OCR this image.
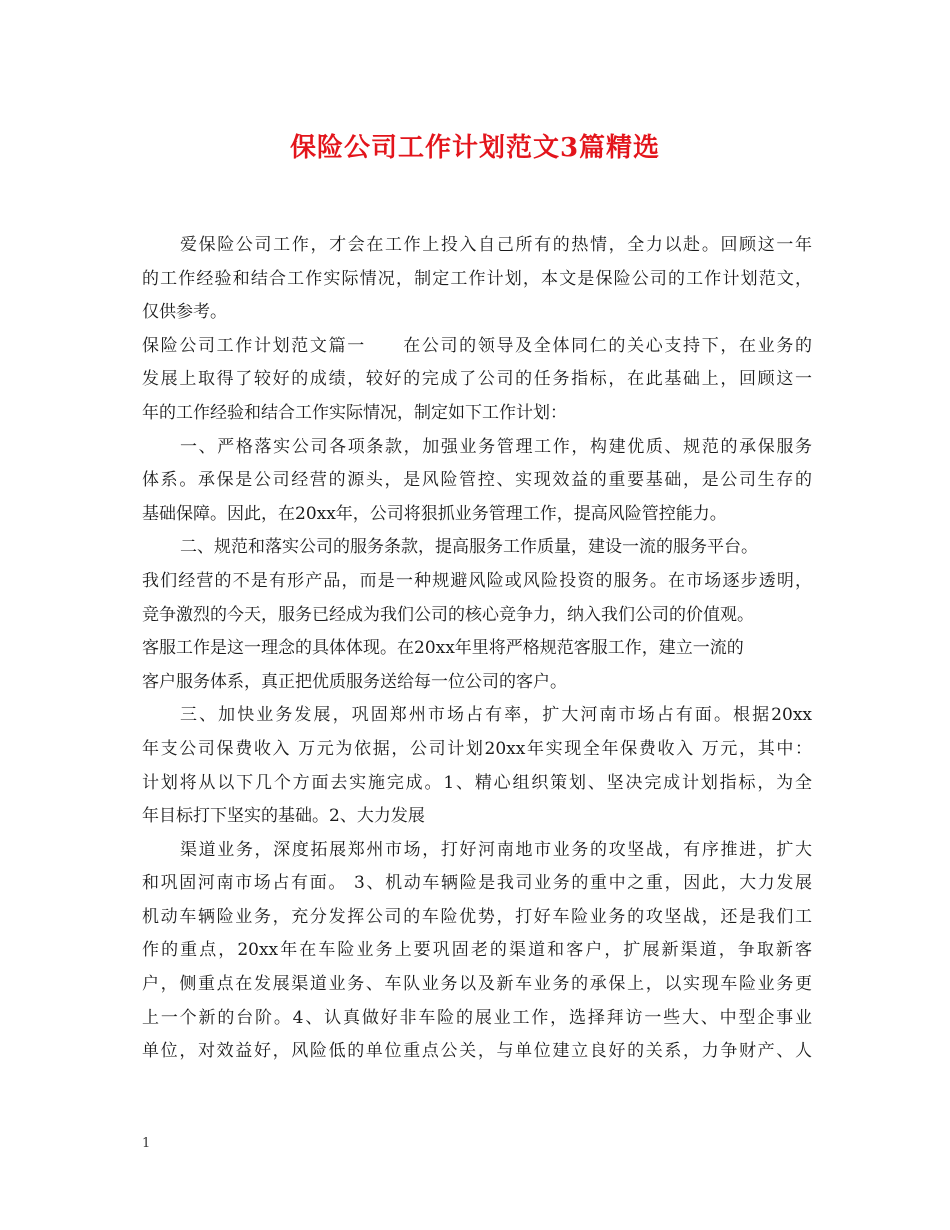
保险公司工作计划范文3篇精选
爱保险公司工作，才会在工作上投入自己所有的热情，全力以赴。回顾这一年
的工作经验和结合工作实际情况，制定工作计划，本文是保险公司的工作计划范文，
仅供参考。
保险公司工作计划范文篇一　　在公司的领导及全体同仁的关心支持下，在业务的
发展上取得了较好的成绩，较好的完成了公司的任务指标，在此基础上，回顾这一
年的工作经验和结合工作实际情况，制定如下工作计划：
一、严格落实公司各项条款，加强业务管理工作，构建优质、规范的承保服务
体系。承保是公司经营的源头，是风险管控、实现效益的重要基础，是公司生存的
基础保障。因此，在20xx年，公司将狠抓业务管理工作，提高风险管控能力。
二、规范和落实公司的服务条款，提高服务工作质量，建设一流的服务平台。
我们经营的不是有形产品，而是一种规避风险或风险投资的服务。在市场逐步透明，
竞争激烈的今天，服务已经成为我们公司的核心竞争力，纳入我们公司的价值观。
客服工作是这一理念的具体体现。在20xx年里将严格规范客服工作，建立一流的
客户服务体系，真正把优质服务送给每一位公司的客户。
三、加快业务发展，巩固郑州市场占有率，扩大河南市场占有面。根据20xx
年支公司保费收入 万元为依据，公司计划20xx年实现全年保费收入 万元，其中：
计划将从以下几个方面去实施完成。1、精心组织策划、坚决完成计划指标，为全
年目标打下坚实的基础。2、大力发展
渠道业务，深度拓展郑州市场，打好河南地市业务的攻坚战，有序推进，扩大
和巩固河南市场占有面。 3、机动车辆险是我司业务的重中之重，因此，大力发展
机动车辆险业务，充分发挥公司的车险优势，打好车险业务的攻坚战，还是我们工
作的重点，20xx年在车险业务上要巩固老的渠道和客户，扩展新渠道，争取新客
户，侧重点在发展渠道业务、车队业务以及新车业务的承保上，以实现车险业务更
上一个新的台阶。4、认真做好非车险的展业工作，选择拜访一些大、中型企事业
单位，对效益好，风险低的单位重点公关，与单位建立良好的关系，力争财产、人
1
